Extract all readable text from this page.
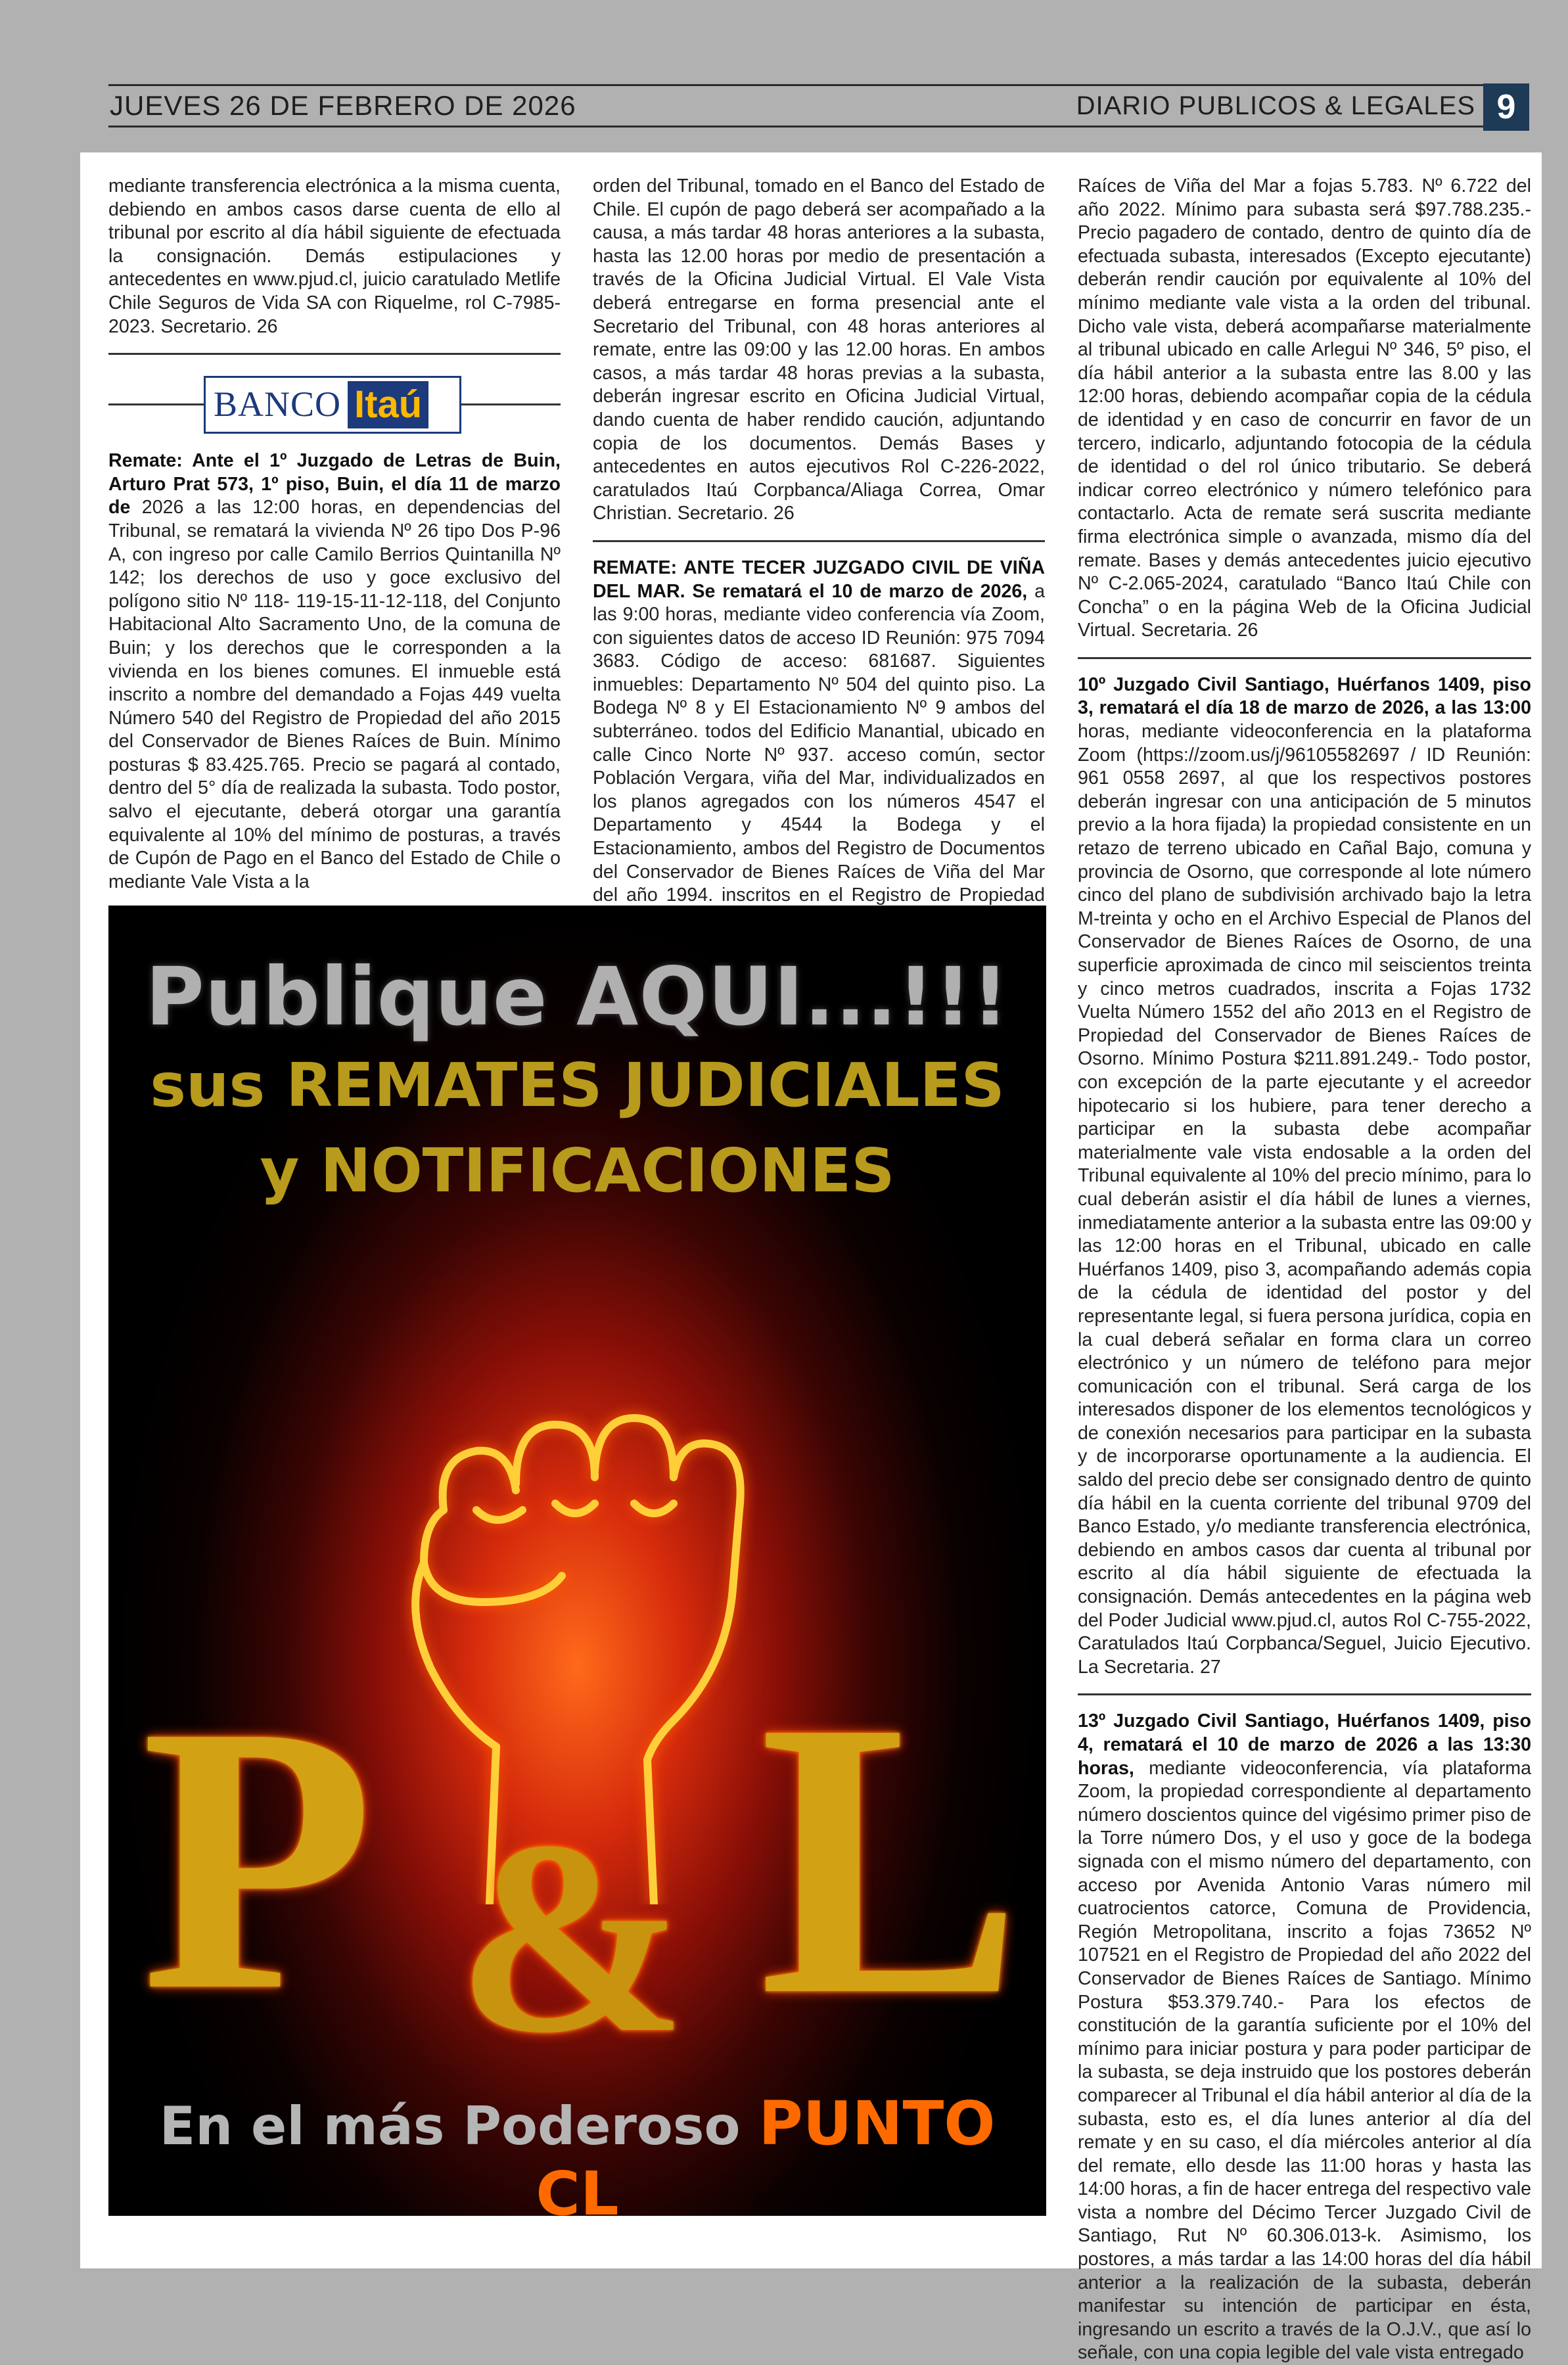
JUEVES 26 DE FEBRERO DE 2026	DIARIO PUBLICOS & LEGALES 9

mediante transferencia electrónica a la misma cuenta, debiendo en ambos casos darse cuenta de ello al tribunal por escrito al día hábil siguiente de efectuada la consignación. Demás estipulaciones y antecedentes en www.pjud.cl, juicio caratulado Metlife Chile Seguros de Vida SA con Riquelme, rol C-7985-2023. Secretario. 26

BANCO Itaú

Remate: Ante el 1º Juzgado de Letras de Buin, Arturo Prat 573, 1º piso, Buin, el día 11 de marzo de 2026 a las 12:00 horas, en dependencias del Tribunal, se rematará la vivienda Nº 26 tipo Dos P-96 A, con ingreso por calle Camilo Berrios Quintanilla Nº 142; los derechos de uso y goce exclusivo del polígono sitio Nº 118- 119-15-11-12-118, del Conjunto Habitacional Alto Sacramento Uno, de la comuna de Buin; y los derechos que le corresponden a la vivienda en los bienes comunes. El inmueble está inscrito a nombre del demandado a Fojas 449 vuelta Número 540 del Registro de Propiedad del año 2015 del Conservador de Bienes Raíces de Buin. Mínimo posturas $ 83.425.765. Precio se pagará al contado, dentro del 5° día de realizada la subasta. Todo postor, salvo el ejecutante, deberá otorgar una garantía equivalente al 10% del mínimo de posturas, a través de Cupón de Pago en el Banco del Estado de Chile o mediante Vale Vista a la

orden del Tribunal, tomado en el Banco del Estado de Chile. El cupón de pago deberá ser acompañado a la causa, a más tardar 48 horas anteriores a la subasta, hasta las 12.00 horas por medio de presentación a través de la Oficina Judicial Virtual. El Vale Vista deberá entregarse en forma presencial ante el Secretario del Tribunal, con 48 horas anteriores al remate, entre las 09:00 y las 12.00 horas. En ambos casos, a más tardar 48 horas previas a la subasta, deberán ingresar escrito en Oficina Judicial Virtual, dando cuenta de haber rendido caución, adjuntando copia de los documentos. Demás Bases y antecedentes en autos ejecutivos Rol C-226-2022, caratulados Itaú Corpbanca/Aliaga Correa, Omar Christian. Secretario. 26

REMATE: ANTE TECER JUZGADO CIVIL DE VIÑA DEL MAR. Se rematará el 10 de marzo de 2026, a las 9:00 horas, mediante video conferencia vía Zoom, con siguientes datos de acceso ID Reunión: 975 7094 3683. Código de acceso: 681687. Siguientes inmuebles: Departamento Nº 504 del quinto piso. La Bodega Nº 8 y El Estacionamiento Nº 9 ambos del subterráneo. todos del Edificio Manantial, ubicado en calle Cinco Norte Nº 937. acceso común, sector Población Vergara, viña del Mar, individualizados en los planos agregados con los números 4547 el Departamento y 4544 la Bodega y el Estacionamiento, ambos del Registro de Documentos del Conservador de Bienes Raíces de Viña del Mar del año 1994. inscritos en el Registro de Propiedad

Raíces de Viña del Mar a fojas 5.783. Nº 6.722 del año 2022. Mínimo para subasta será $97.788.235.- Precio pagadero de contado, dentro de quinto día de efectuada subasta, interesados (Excepto ejecutante) deberán rendir caución por equivalente al 10% del mínimo mediante vale vista a la orden del tribunal. Dicho vale vista, deberá acompañarse materialmente al tribunal ubicado en calle Arlegui Nº 346, 5º piso, el día hábil anterior a la subasta entre las 8.00 y las 12:00 horas, debiendo acompañar copia de la cédula de identidad y en caso de concurrir en favor de un tercero, indicarlo, adjuntando fotocopia de la cédula de identidad o del rol único tributario. Se deberá indicar correo electrónico y número telefónico para contactarlo. Acta de remate será suscrita mediante firma electrónica simple o avanzada, mismo día del remate. Bases y demás antecedentes juicio ejecutivo Nº C-2.065-2024, caratulado “Banco Itaú Chile con Concha” o en la página Web de la Oficina Judicial Virtual. Secretaria. 26

10º Juzgado Civil Santiago, Huérfanos 1409, piso 3, rematará el día 18 de marzo de 2026, a las 13:00 horas, mediante videoconferencia en la plataforma Zoom (https://zoom.us/j/96105582697 / ID Reunión: 961 0558 2697, al que los respectivos postores deberán ingresar con una anticipación de 5 minutos previo a la hora fijada) la propiedad consistente en un retazo de terreno ubicado en Cañal Bajo, comuna y provincia de Osorno, que corresponde al lote número cinco del plano de subdivisión archivado bajo la letra M-treinta y ocho en el Archivo Especial de Planos del Conservador de Bienes Raíces de Osorno, de una superficie aproximada de cinco mil seiscientos treinta y cinco metros cuadrados, inscrita a Fojas 1732 Vuelta Número 1552 del año 2013 en el Registro de Propiedad del Conservador de Bienes Raíces de Osorno. Mínimo Postura $211.891.249.- Todo postor, con excepción de la parte ejecutante y el acreedor hipotecario si los hubiere, para tener derecho a participar en la subasta debe acompañar materialmente vale vista endosable a la orden del Tribunal equivalente al 10% del precio mínimo, para lo cual deberán asistir el día hábil de lunes a viernes, inmediatamente anterior a la subasta entre las 09:00 y las 12:00 horas en el Tribunal, ubicado en calle Huérfanos 1409, piso 3, acompañando además copia de la cédula de identidad del postor y del representante legal, si fuera persona jurídica, copia en la cual deberá señalar en forma clara un correo electrónico y un número de teléfono para mejor comunicación con el tribunal. Será carga de los interesados disponer de los elementos tecnológicos y de conexión necesarios para participar en la subasta y de incorporarse oportunamente a la audiencia. El saldo del precio debe ser consignado dentro de quinto día hábil en la cuenta corriente del tribunal 9709 del Banco Estado, y/o mediante transferencia electrónica, debiendo en ambos casos dar cuenta al tribunal por escrito al día hábil siguiente de efectuada la consignación. Demás antecedentes en la página web del Poder Judicial www.pjud.cl, autos Rol C-755-2022, Caratulados Itaú Corpbanca/Seguel, Juicio Ejecutivo. La Secretaria. 27

13º Juzgado Civil Santiago, Huérfanos 1409, piso 4, rematará el 10 de marzo de 2026 a las 13:30 horas, mediante videoconferencia, vía plataforma Zoom, la propiedad correspondiente al departamento número doscientos quince del vigésimo primer piso de la Torre número Dos, y el uso y goce de la bodega signada con el mismo número del departamento, con acceso por Avenida Antonio Varas número mil cuatrocientos catorce, Comuna de Providencia, Región Metropolitana, inscrito a fojas 73652 Nº 107521 en el Registro de Propiedad del año 2022 del Conservador de Bienes Raíces de Santiago. Mínimo Postura $53.379.740.- Para los efectos de constitución de la garantía suficiente por el 10% del mínimo para iniciar postura y para poder participar de la subasta, se deja instruido que los postores deberán comparecer al Tribunal el día hábil anterior al día de la subasta, esto es, el día lunes anterior al día del remate y en su caso, el día miércoles anterior al día del remate, ello desde las 11:00 horas y hasta las 14:00 horas, a fin de hacer entrega del respectivo vale vista a nombre del Décimo Tercer Juzgado Civil de Santiago, Rut Nº 60.306.013-k. Asimismo, los postores, a más tardar a las 14:00 horas del día hábil anterior a la realización de la subasta, deberán manifestar su intención de participar en ésta, ingresando un escrito a través de la O.J.V., que así lo señale, con una copia legible del vale vista entregado

Publique AQUI...!!!
sus REMATES JUDICIALES
y NOTIFICACIONES
P & L
En el más Poderoso PUNTO CL
